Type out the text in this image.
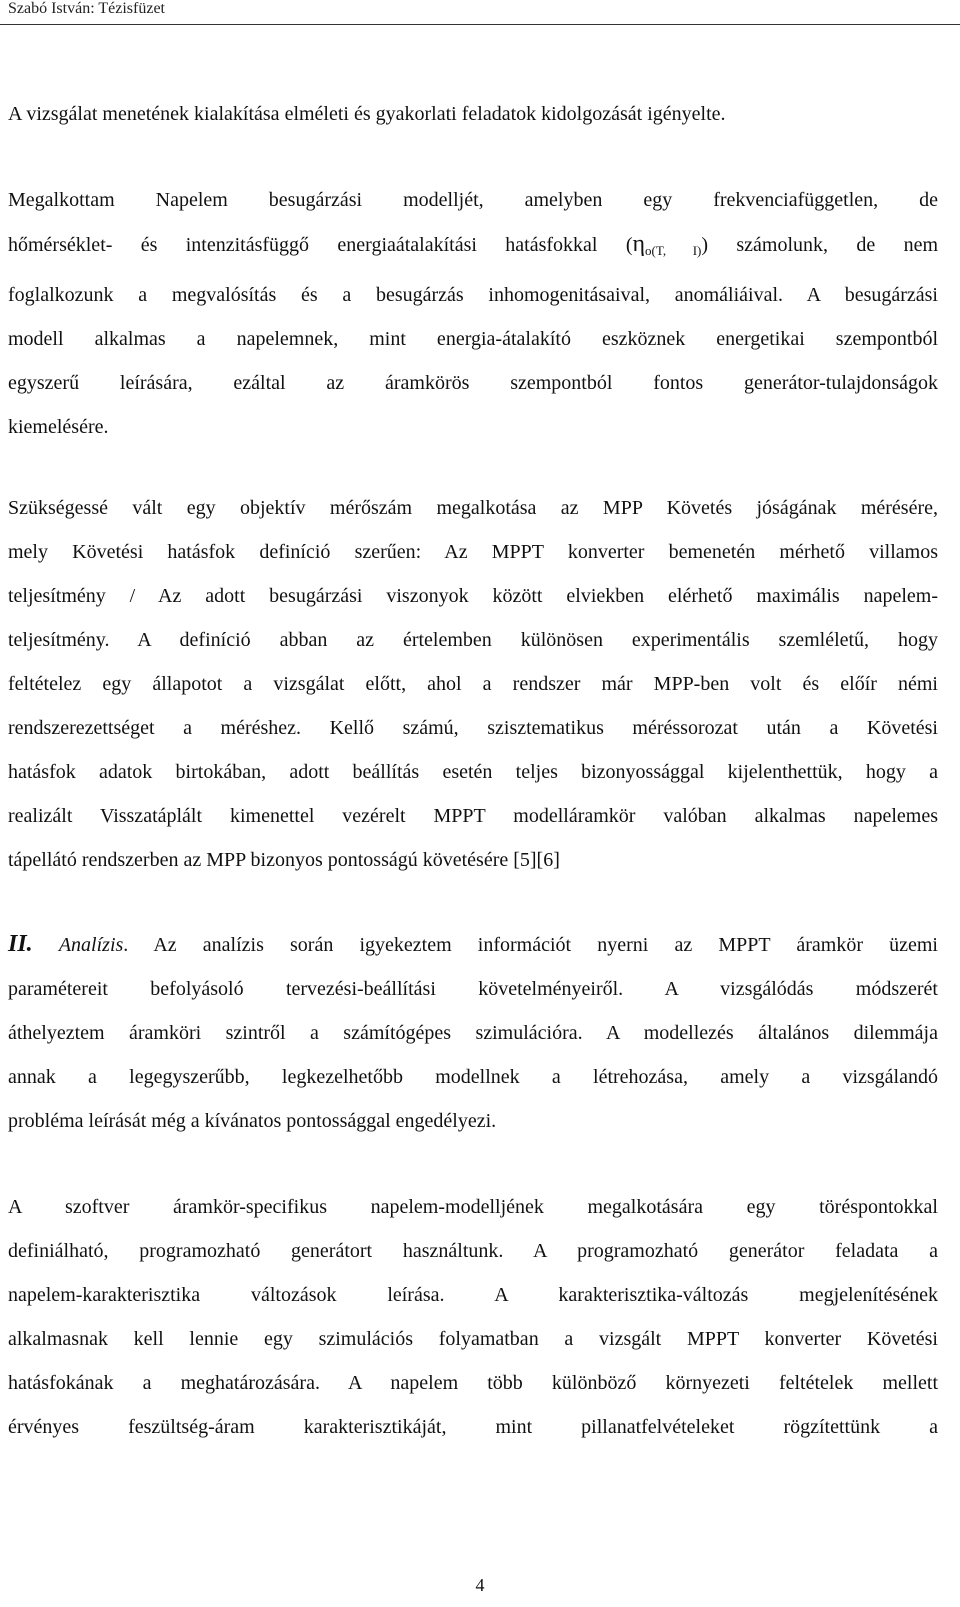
Szabó István: Tézisfüzet
A vizsgálat menetének kialakítása elméleti és gyakorlati feladatok kidolgozását igényelte.
Megalkottam Napelem besugárzási modelljét, amelyben egy frekvenciafüggetlen, de
hőmérséklet- és intenzitásfüggő energiaátalakítási hatásfokkal $(\eta_{o(T, I)})$ számolunk, de nem
foglalkozunk a megvalósítás és a besugárzás inhomogenitásaival, anomáliáival. A besugárzási
modell alkalmas a napelemnek, mint energia-átalakító eszköznek energetikai szempontból
egyszerű leírására, ezáltal az áramkörös szempontból fontos generátor-tulajdonságok
kiemelésére.
Szükségessé vált egy objektív mérőszám megalkotása az MPP Követés jóságának mérésére,
mely Követési hatásfok definíció szerűen: Az MPPT konverter bemenetén mérhető villamos
teljesítmény / Az adott besugárzási viszonyok között elviekben elérhető maximális napelem-
teljesítmény. A definíció abban az értelemben különösen experimentális szemléletű, hogy
feltételez egy állapotot a vizsgálat előtt, ahol a rendszer már MPP-ben volt és előír némi
rendszerezettséget a méréshez. Kellő számú, szisztematikus méréssorozat után a Követési
hatásfok adatok birtokában, adott beállítás esetén teljes bizonyossággal kijelenthettük, hogy a
realizált Visszatáplált kimenettel vezérelt MPPT modelláramkör valóban alkalmas napelemes
tápellátó rendszerben az MPP bizonyos pontosságú követésére [5][6]
II. Analízis. Az analízis során igyekeztem információt nyerni az MPPT áramkör üzemi
paramétereit befolyásoló tervezési-beállítási követelményeiről. A vizsgálódás módszerét
áthelyeztem áramköri szintről a számítógépes szimulációra. A modellezés általános dilemmája
annak a legegyszerűbb, legkezelhetőbb modellnek a létrehozása, amely a vizsgálandó
probléma leírását még a kívánatos pontossággal engedélyezi.
A szoftver áramkör-specifikus napelem-modelljének megalkotására egy töréspontokkal
definiálható, programozható generátort használtunk. A programozható generátor feladata a
napelem-karakterisztika változások leírása. A karakterisztika-változás megjelenítésének
alkalmasnak kell lennie egy szimulációs folyamatban a vizsgált MPPT konverter Követési
hatásfokának a meghatározására. A napelem több különböző környezeti feltételek mellett
érvényes feszültség-áram karakterisztikáját, mint pillanatfelvételeket rögzítettünk a
4
